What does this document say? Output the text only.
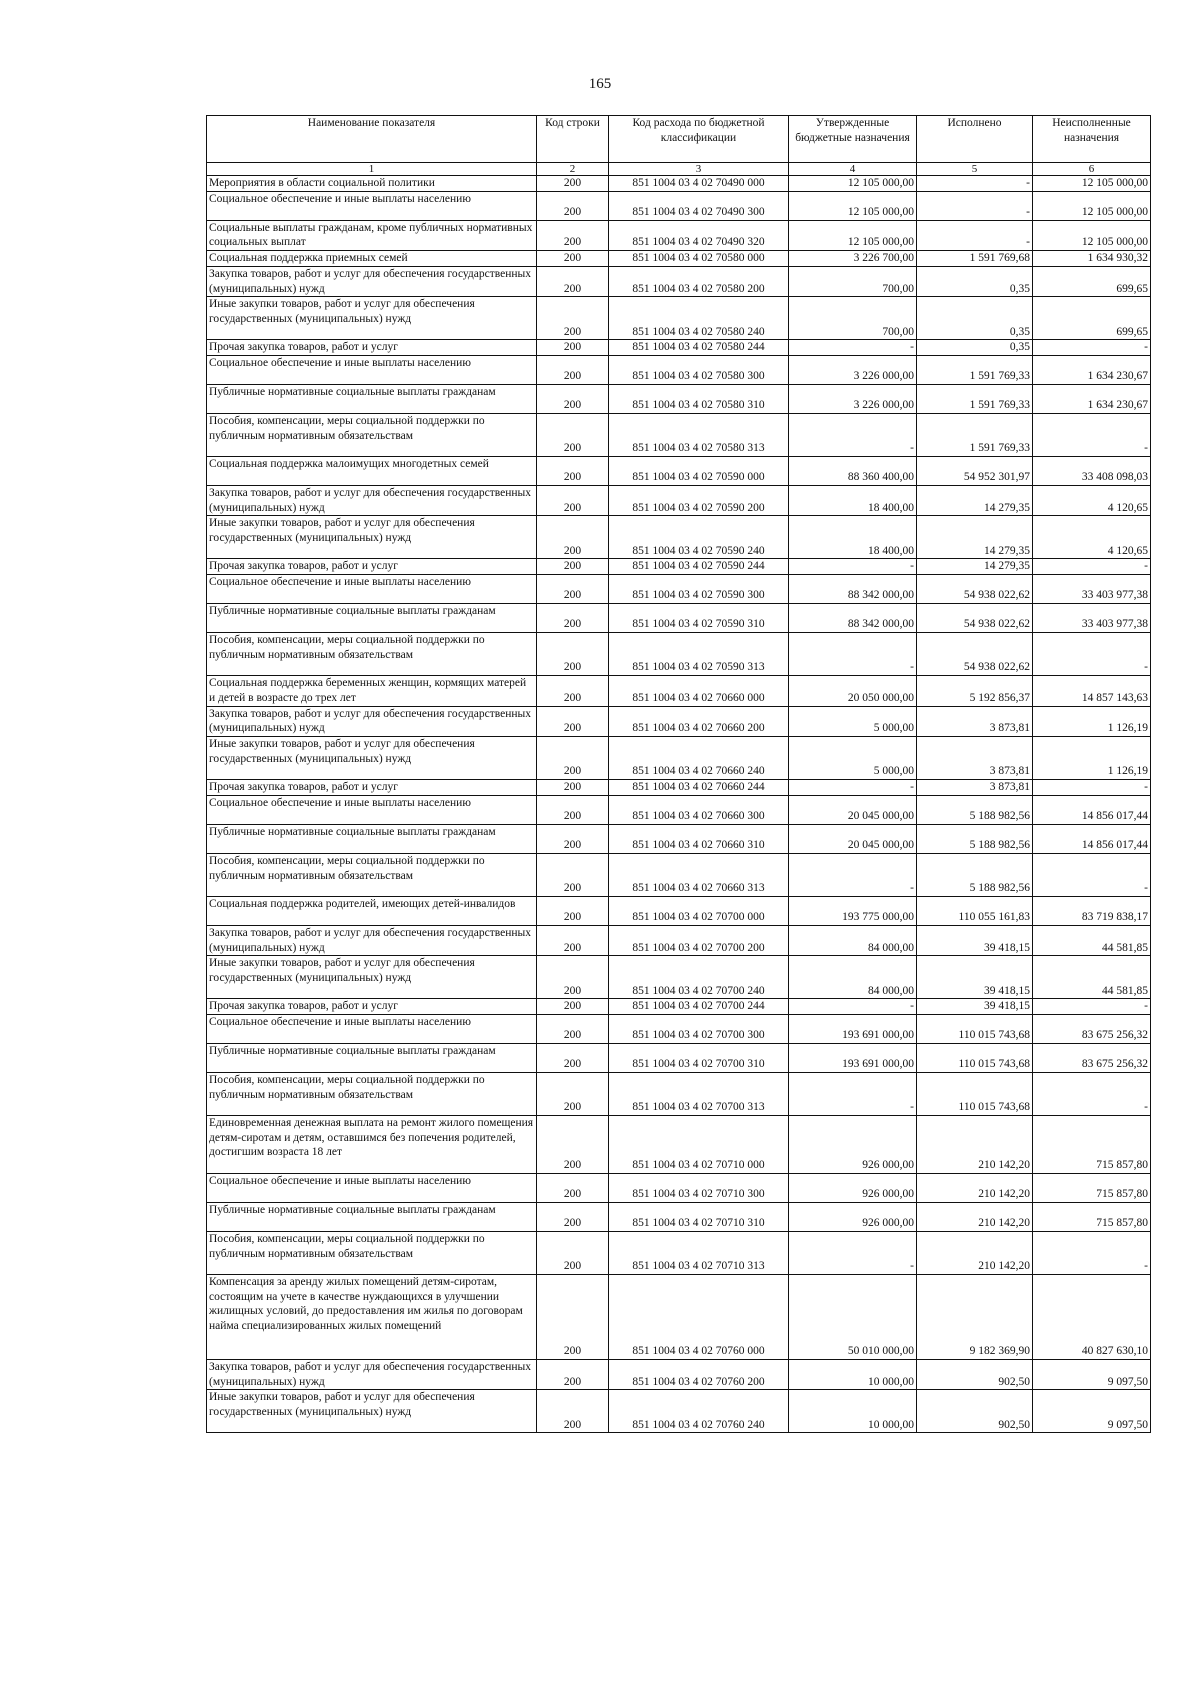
165
Наименование показателя	Код строки	Код расхода по бюджетной классификации	Утвержденные бюджетные назначения	Исполнено	Неисполненные назначения
1	2	3	4	5	6
Мероприятия в области социальной политики	200	851 1004 03 4 02 70490 000	12 105 000,00	-	12 105 000,00
Социальное обеспечение и иные выплаты населению	200	851 1004 03 4 02 70490 300	12 105 000,00	-	12 105 000,00
Социальные выплаты гражданам, кроме публичных нормативных социальных выплат	200	851 1004 03 4 02 70490 320	12 105 000,00	-	12 105 000,00
Социальная поддержка приемных семей	200	851 1004 03 4 02 70580 000	3 226 700,00	1 591 769,68	1 634 930,32
Закупка товаров, работ и услуг для обеспечения государственных (муниципальных) нужд	200	851 1004 03 4 02 70580 200	700,00	0,35	699,65
Иные закупки товаров, работ и услуг для обеспечения государственных (муниципальных) нужд	200	851 1004 03 4 02 70580 240	700,00	0,35	699,65
Прочая закупка товаров, работ и услуг	200	851 1004 03 4 02 70580 244	-	0,35	-
Социальное обеспечение и иные выплаты населению	200	851 1004 03 4 02 70580 300	3 226 000,00	1 591 769,33	1 634 230,67
Публичные нормативные социальные выплаты гражданам	200	851 1004 03 4 02 70580 310	3 226 000,00	1 591 769,33	1 634 230,67
Пособия, компенсации, меры социальной поддержки по публичным нормативным обязательствам	200	851 1004 03 4 02 70580 313	-	1 591 769,33	-
Социальная поддержка малоимущих многодетных семей	200	851 1004 03 4 02 70590 000	88 360 400,00	54 952 301,97	33 408 098,03
Закупка товаров, работ и услуг для обеспечения государственных (муниципальных) нужд	200	851 1004 03 4 02 70590 200	18 400,00	14 279,35	4 120,65
Иные закупки товаров, работ и услуг для обеспечения государственных (муниципальных) нужд	200	851 1004 03 4 02 70590 240	18 400,00	14 279,35	4 120,65
Прочая закупка товаров, работ и услуг	200	851 1004 03 4 02 70590 244	-	14 279,35	-
Социальное обеспечение и иные выплаты населению	200	851 1004 03 4 02 70590 300	88 342 000,00	54 938 022,62	33 403 977,38
Публичные нормативные социальные выплаты гражданам	200	851 1004 03 4 02 70590 310	88 342 000,00	54 938 022,62	33 403 977,38
Пособия, компенсации, меры социальной поддержки по публичным нормативным обязательствам	200	851 1004 03 4 02 70590 313	-	54 938 022,62	-
Социальная поддержка беременных женщин, кормящих матерей и детей в возрасте до трех лет	200	851 1004 03 4 02 70660 000	20 050 000,00	5 192 856,37	14 857 143,63
Закупка товаров, работ и услуг для обеспечения государственных (муниципальных) нужд	200	851 1004 03 4 02 70660 200	5 000,00	3 873,81	1 126,19
Иные закупки товаров, работ и услуг для обеспечения государственных (муниципальных) нужд	200	851 1004 03 4 02 70660 240	5 000,00	3 873,81	1 126,19
Прочая закупка товаров, работ и услуг	200	851 1004 03 4 02 70660 244	-	3 873,81	-
Социальное обеспечение и иные выплаты населению	200	851 1004 03 4 02 70660 300	20 045 000,00	5 188 982,56	14 856 017,44
Публичные нормативные социальные выплаты гражданам	200	851 1004 03 4 02 70660 310	20 045 000,00	5 188 982,56	14 856 017,44
Пособия, компенсации, меры социальной поддержки по публичным нормативным обязательствам	200	851 1004 03 4 02 70660 313	-	5 188 982,56	-
Социальная поддержка родителей, имеющих детей-инвалидов	200	851 1004 03 4 02 70700 000	193 775 000,00	110 055 161,83	83 719 838,17
Закупка товаров, работ и услуг для обеспечения государственных (муниципальных) нужд	200	851 1004 03 4 02 70700 200	84 000,00	39 418,15	44 581,85
Иные закупки товаров, работ и услуг для обеспечения государственных (муниципальных) нужд	200	851 1004 03 4 02 70700 240	84 000,00	39 418,15	44 581,85
Прочая закупка товаров, работ и услуг	200	851 1004 03 4 02 70700 244	-	39 418,15	-
Социальное обеспечение и иные выплаты населению	200	851 1004 03 4 02 70700 300	193 691 000,00	110 015 743,68	83 675 256,32
Публичные нормативные социальные выплаты гражданам	200	851 1004 03 4 02 70700 310	193 691 000,00	110 015 743,68	83 675 256,32
Пособия, компенсации, меры социальной поддержки по публичным нормативным обязательствам	200	851 1004 03 4 02 70700 313	-	110 015 743,68	-
Единовременная денежная выплата на ремонт жилого помещения детям-сиротам и детям, оставшимся без попечения родителей, достигшим возраста 18 лет	200	851 1004 03 4 02 70710 000	926 000,00	210 142,20	715 857,80
Социальное обеспечение и иные выплаты населению	200	851 1004 03 4 02 70710 300	926 000,00	210 142,20	715 857,80
Публичные нормативные социальные выплаты гражданам	200	851 1004 03 4 02 70710 310	926 000,00	210 142,20	715 857,80
Пособия, компенсации, меры социальной поддержки по публичным нормативным обязательствам	200	851 1004 03 4 02 70710 313	-	210 142,20	-
Компенсация за аренду жилых помещений детям-сиротам, состоящим на учете в качестве нуждающихся в улучшении жилищных условий, до предоставления им жилья по договорам найма специализированных жилых помещений	200	851 1004 03 4 02 70760 000	50 010 000,00	9 182 369,90	40 827 630,10
Закупка товаров, работ и услуг для обеспечения государственных (муниципальных) нужд	200	851 1004 03 4 02 70760 200	10 000,00	902,50	9 097,50
Иные закупки товаров, работ и услуг для обеспечения государственных (муниципальных) нужд	200	851 1004 03 4 02 70760 240	10 000,00	902,50	9 097,50
